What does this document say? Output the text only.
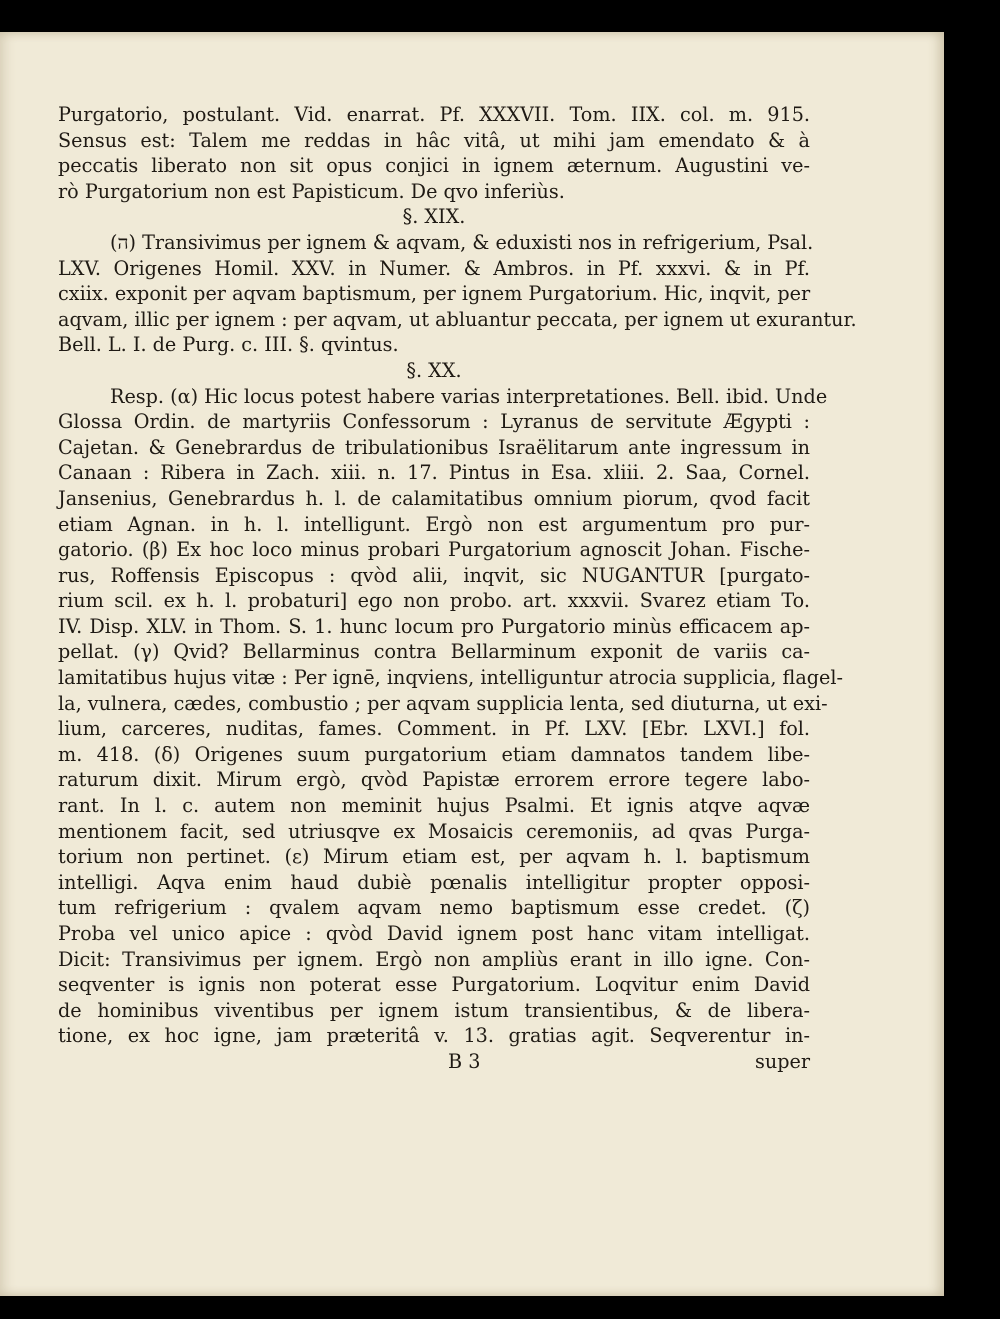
Purgatorio, postulant. Vid. enarrat. Pf. XXXVII. Tom. IIX. col. m. 915.
Sensus est: Talem me reddas in hâc vitâ, ut mihi jam emendato & à
peccatis liberato non sit opus conjici in ignem æternum. Augustini ve-
rò Purgatorium non est Papisticum. De qvo inferiùs.
§. XIX.
(ה) Transivimus per ignem & aqvam, & eduxisti nos in refrigerium, Psal.
LXV. Origenes Homil. XXV. in Numer. & Ambros. in Pf. xxxvi. & in Pf.
cxiix. exponit per aqvam baptismum, per ignem Purgatorium. Hic, inqvit, per
aqvam, illic per ignem : per aqvam, ut abluantur peccata, per ignem ut exurantur.
Bell. L. I. de Purg. c. III. §. qvintus.
§. XX.
Resp. (α) Hic locus potest habere varias interpretationes. Bell. ibid. Unde
Glossa Ordin. de martyriis Confessorum : Lyranus de servitute Ægypti :
Cajetan. & Genebrardus de tribulationibus Israëlitarum ante ingressum in
Canaan : Ribera in Zach. xiii. n. 17. Pintus in Esa. xliii. 2. Saa, Cornel.
Jansenius, Genebrardus h. l. de calamitatibus omnium piorum, qvod facit
etiam Agnan. in h. l. intelligunt. Ergò non est argumentum pro pur-
gatorio. (β) Ex hoc loco minus probari Purgatorium agnoscit Johan. Fische-
rus, Roffensis Episcopus : qvòd alii, inqvit, sic NUGANTUR [purgato-
rium scil. ex h. l. probaturi] ego non probo. art. xxxvii. Svarez etiam To.
IV. Disp. XLV. in Thom. S. 1. hunc locum pro Purgatorio minùs efficacem ap-
pellat. (γ) Qvid? Bellarminus contra Bellarminum exponit de variis ca-
lamitatibus hujus vitæ : Per ignē, inqviens, intelliguntur atrocia supplicia, flagel-
la, vulnera, cædes, combustio ; per aqvam supplicia lenta, sed diuturna, ut exi-
lium, carceres, nuditas, fames. Comment. in Pf. LXV. [Ebr. LXVI.] fol.
m. 418. (δ) Origenes suum purgatorium etiam damnatos tandem libe-
raturum dixit. Mirum ergò, qvòd Papistæ errorem errore tegere labo-
rant. In l. c. autem non meminit hujus Psalmi. Et ignis atqve aqvæ
mentionem facit, sed utriusqve ex Mosaicis ceremoniis, ad qvas Purga-
torium non pertinet. (ε) Mirum etiam est, per aqvam h. l. baptismum
intelligi. Aqva enim haud dubiè pœnalis intelligitur propter opposi-
tum refrigerium : qvalem aqvam nemo baptismum esse credet. (ζ)
Proba vel unico apice : qvòd David ignem post hanc vitam intelligat.
Dicit: Transivimus per ignem. Ergò non ampliùs erant in illo igne. Con-
seqventer is ignis non poterat esse Purgatorium. Loqvitur enim David
de hominibus viventibus per ignem istum transientibus, & de libera-
tione, ex hoc igne, jam prӕteritâ v. 13. gratias agit. Seqverentur in-
B 3	super
